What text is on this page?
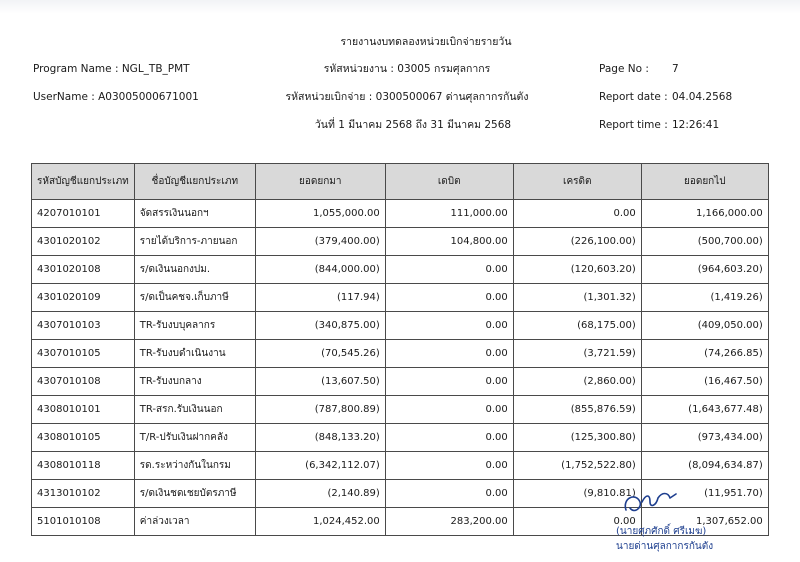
รายงานงบทดลองหน่วยเบิกจ่ายรายวัน
Program Name : NGL_TB_PMT	รหัสหน่วยงาน : 03005 กรมศุลกากร	Page No : 7
UserName : A03005000671001	รหัสหน่วยเบิกจ่าย : 0300500067 ด่านศุลกากรกันตัง	Report date : 04.04.2568
วันที่ 1 มีนาคม 2568 ถึง 31 มีนาคม 2568	Report time : 12:26:41
รหัสบัญชีแยกประเภท	ชื่อบัญชีแยกประเภท	ยอดยกมา	เดบิต	เครดิต	ยอดยกไป
4207010101	จัดสรรเงินนอกฯ	1,055,000.00	111,000.00	0.00	1,166,000.00
4301020102	รายได้บริการ-ภายนอก	(379,400.00)	104,800.00	(226,100.00)	(500,700.00)
4301020108	ร/ดเงินนอกงปม.	(844,000.00)	0.00	(120,603.20)	(964,603.20)
4301020109	ร/ดเป็นคชจ.เก็บภาษี	(117.94)	0.00	(1,301.32)	(1,419.26)
4307010103	TR-รับงบบุคลากร	(340,875.00)	0.00	(68,175.00)	(409,050.00)
4307010105	TR-รับงบดำเนินงาน	(70,545.26)	0.00	(3,721.59)	(74,266.85)
4307010108	TR-รับงบกลาง	(13,607.50)	0.00	(2,860.00)	(16,467.50)
4308010101	TR-สรก.รับเงินนอก	(787,800.89)	0.00	(855,876.59)	(1,643,677.48)
4308010105	T/R-ปรับเงินฝากคลัง	(848,133.20)	0.00	(125,300.80)	(973,434.00)
4308010118	รด.ระหว่างกันในกรม	(6,342,112.07)	0.00	(1,752,522.80)	(8,094,634.87)
4313010102	ร/ดเงินชดเชยบัตรภาษี	(2,140.89)	0.00	(9,810.81)	(11,951.70)
5101010108	ค่าล่วงเวลา	1,024,452.00	283,200.00	0.00	1,307,652.00
(นายศุภศักดิ์ ศรีเมฆ)
นายด่านศุลกากรกันตัง
